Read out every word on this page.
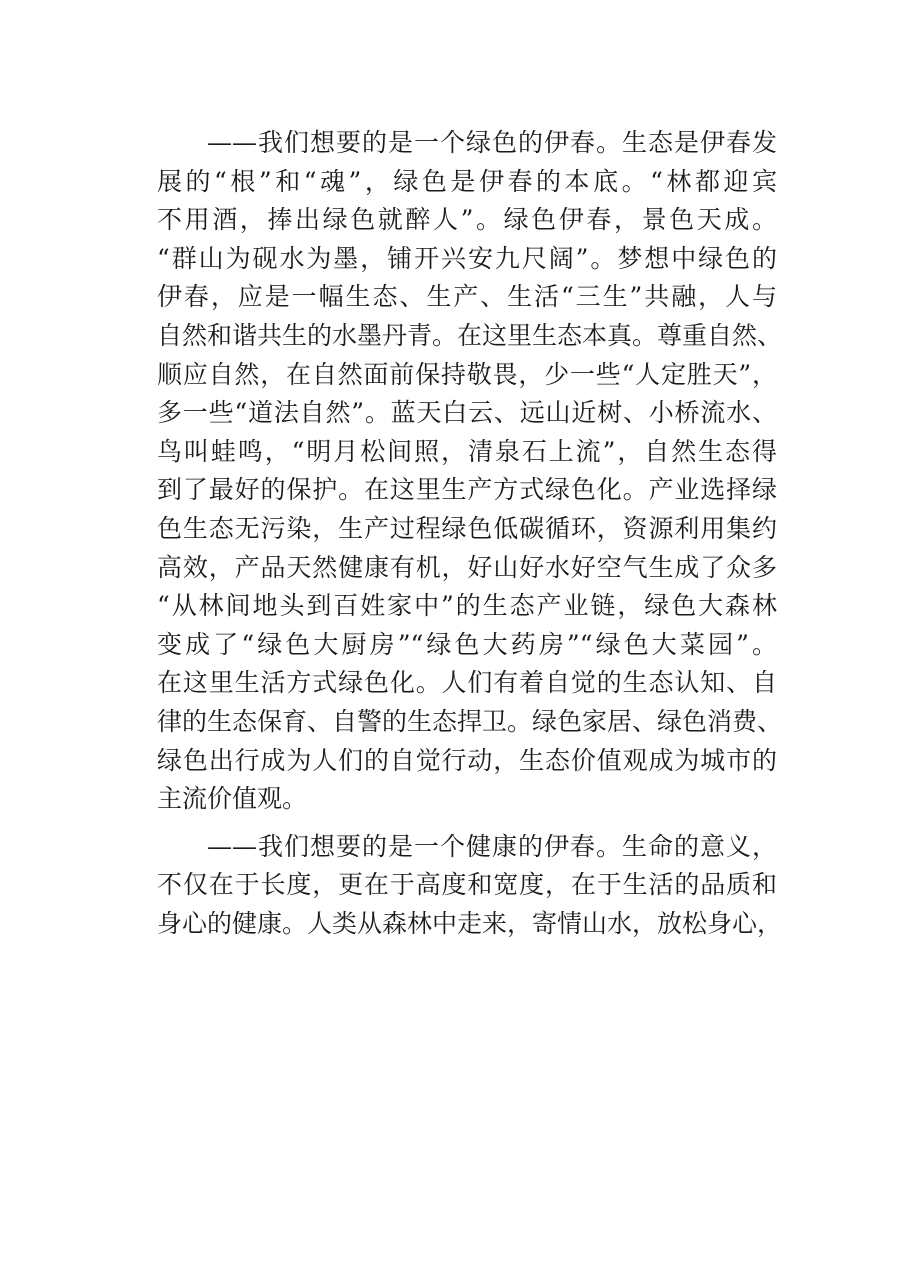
——我们想要的是一个绿色的伊春。生态是伊春发
展的“根”和“魂”，绿色是伊春的本底。“林都迎宾
不用酒，捧出绿色就醉人”。绿色伊春，景色天成。
“群山为砚水为墨，铺开兴安九尺阔”。梦想中绿色的
伊春，应是一幅生态、生产、生活“三生”共融，人与
自然和谐共生的水墨丹青。在这里生态本真。尊重自然、
顺应自然，在自然面前保持敬畏，少一些“人定胜天”，
多一些“道法自然”。蓝天白云、远山近树、小桥流水、
鸟叫蛙鸣，“明月松间照，清泉石上流”，自然生态得
到了最好的保护。在这里生产方式绿色化。产业选择绿
色生态无污染，生产过程绿色低碳循环，资源利用集约
高效，产品天然健康有机，好山好水好空气生成了众多
“从林间地头到百姓家中”的生态产业链，绿色大森林
变成了“绿色大厨房”“绿色大药房”“绿色大菜园”。
在这里生活方式绿色化。人们有着自觉的生态认知、自
律的生态保育、自警的生态捍卫。绿色家居、绿色消费、
绿色出行成为人们的自觉行动，生态价值观成为城市的
主流价值观。

——我们想要的是一个健康的伊春。生命的意义，
不仅在于长度，更在于高度和宽度，在于生活的品质和
身心的健康。人类从森林中走来，寄情山水，放松身心，
